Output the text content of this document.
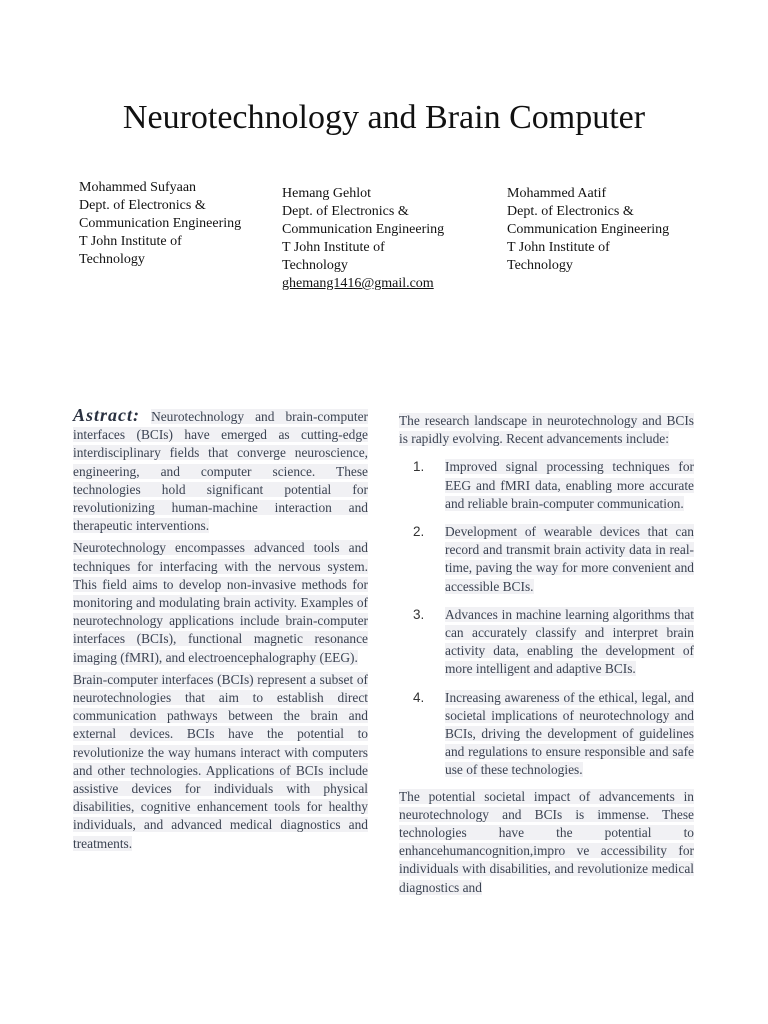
Neurotechnology and Brain Computer
Mohammed Sufyaan
Dept. of Electronics &
Communication Engineering
T John Institute of
Technology
Hemang Gehlot
Dept. of Electronics &
Communication Engineering
T John Institute of
Technology
ghemang1416@gmail.com
Mohammed Aatif
Dept. of Electronics &
Communication Engineering
T John Institute of
Technology

Astract: Neurotechnology and brain-computer interfaces (BCIs) have emerged as cutting-edge interdisciplinary fields that converge neuroscience, engineering, and computer science. These technologies hold significant potential for revolutionizing human-machine interaction and therapeutic interventions.

Neurotechnology encompasses advanced tools and techniques for interfacing with the nervous system. This field aims to develop non-invasive methods for monitoring and modulating brain activity. Examples of neurotechnology applications include brain-computer interfaces (BCIs), functional magnetic resonance imaging (fMRI), and electroencephalography (EEG).

Brain-computer interfaces (BCIs) represent a subset of neurotechnologies that aim to establish direct communication pathways between the brain and external devices. BCIs have the potential to revolutionize the way humans interact with computers and other technologies. Applications of BCIs include assistive devices for individuals with physical disabilities, cognitive enhancement tools for healthy individuals, and advanced medical diagnostics and treatments.

The research landscape in neurotechnology and BCIs is rapidly evolving. Recent advancements include:

1. Improved signal processing techniques for EEG and fMRI data, enabling more accurate and reliable brain-computer communication.
2. Development of wearable devices that can record and transmit brain activity data in real-time, paving the way for more convenient and accessible BCIs.
3. Advances in machine learning algorithms that can accurately classify and interpret brain activity data, enabling the development of more intelligent and adaptive BCIs.
4. Increasing awareness of the ethical, legal, and societal implications of neurotechnology and BCIs, driving the development of guidelines and regulations to ensure responsible and safe use of these technologies.

The potential societal impact of advancements in neurotechnology and BCIs is immense. These technologies have the potential to enhancehumancognition,impro ve accessibility for individuals with disabilities, and revolutionize medical diagnostics and
